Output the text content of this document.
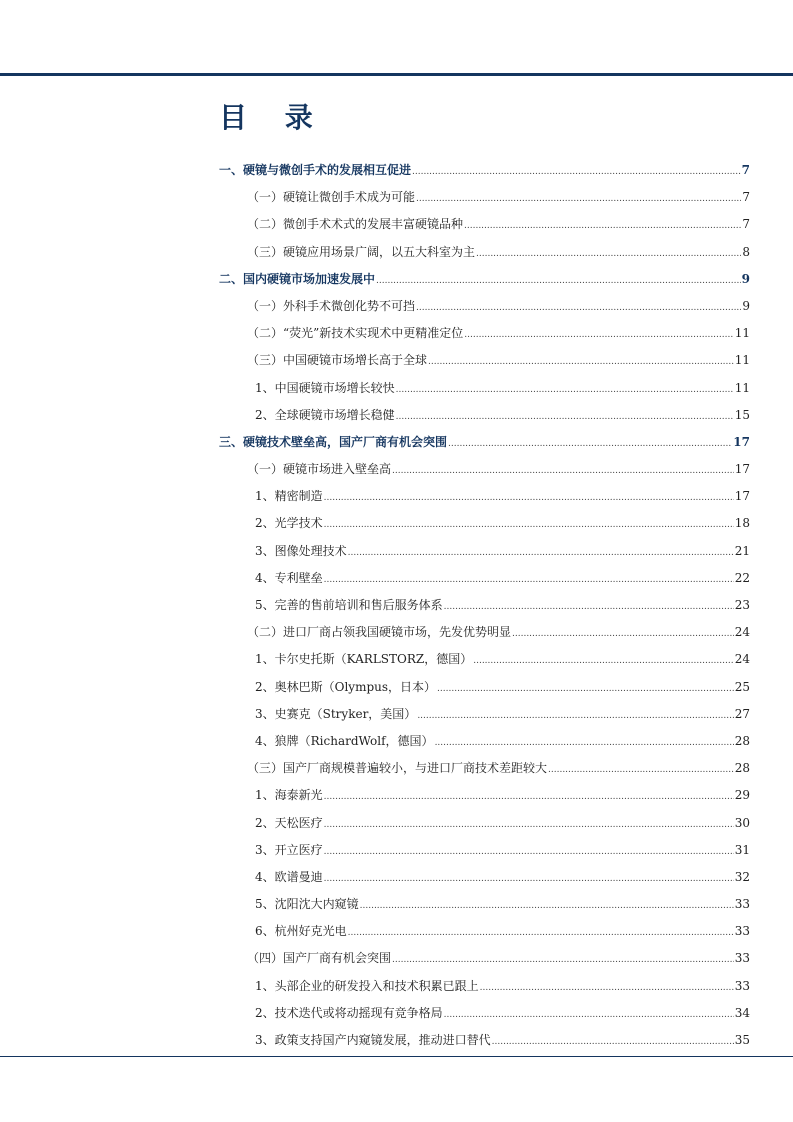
目 录
一、硬镜与微创手术的发展相互促进 .....	7
（一）硬镜让微创手术成为可能 .....	7
（二）微创手术术式的发展丰富硬镜品种 .....	7
（三）硬镜应用场景广阔，以五大科室为主 .....	8
二、国内硬镜市场加速发展中 .....	9
（一）外科手术微创化势不可挡 .....	9
（二）“荧光”新技术实现术中更精准定位 .....	11
（三）中国硬镜市场增长高于全球 .....	11
1、中国硬镜市场增长较快 .....	11
2、全球硬镜市场增长稳健 .....	15
三、硬镜技术壁垒高，国产厂商有机会突围 .....	17
（一）硬镜市场进入壁垒高 .....	17
1、精密制造 .....	17
2、光学技术 .....	18
3、图像处理技术 .....	21
4、专利壁垒 .....	22
5、完善的售前培训和售后服务体系 .....	23
（二）进口厂商占领我国硬镜市场，先发优势明显 .....	24
1、卡尔史托斯（KARLSTORZ，德国） .....	24
2、奥林巴斯（Olympus，日本） .....	25
3、史赛克（Stryker，美国） .....	27
4、狼牌（RichardWolf，德国） .....	28
（三）国产厂商规模普遍较小，与进口厂商技术差距较大 .....	28
1、海泰新光 .....	29
2、天松医疗 .....	30
3、开立医疗 .....	31
4、欧谱曼迪 .....	32
5、沈阳沈大内窥镜 .....	33
6、杭州好克光电 .....	33
（四）国产厂商有机会突围 .....	33
1、头部企业的研发投入和技术积累已跟上 .....	33
2、技术迭代或将动摇现有竞争格局 .....	34
3、政策支持国产内窥镜发展，推动进口替代 .....	35
